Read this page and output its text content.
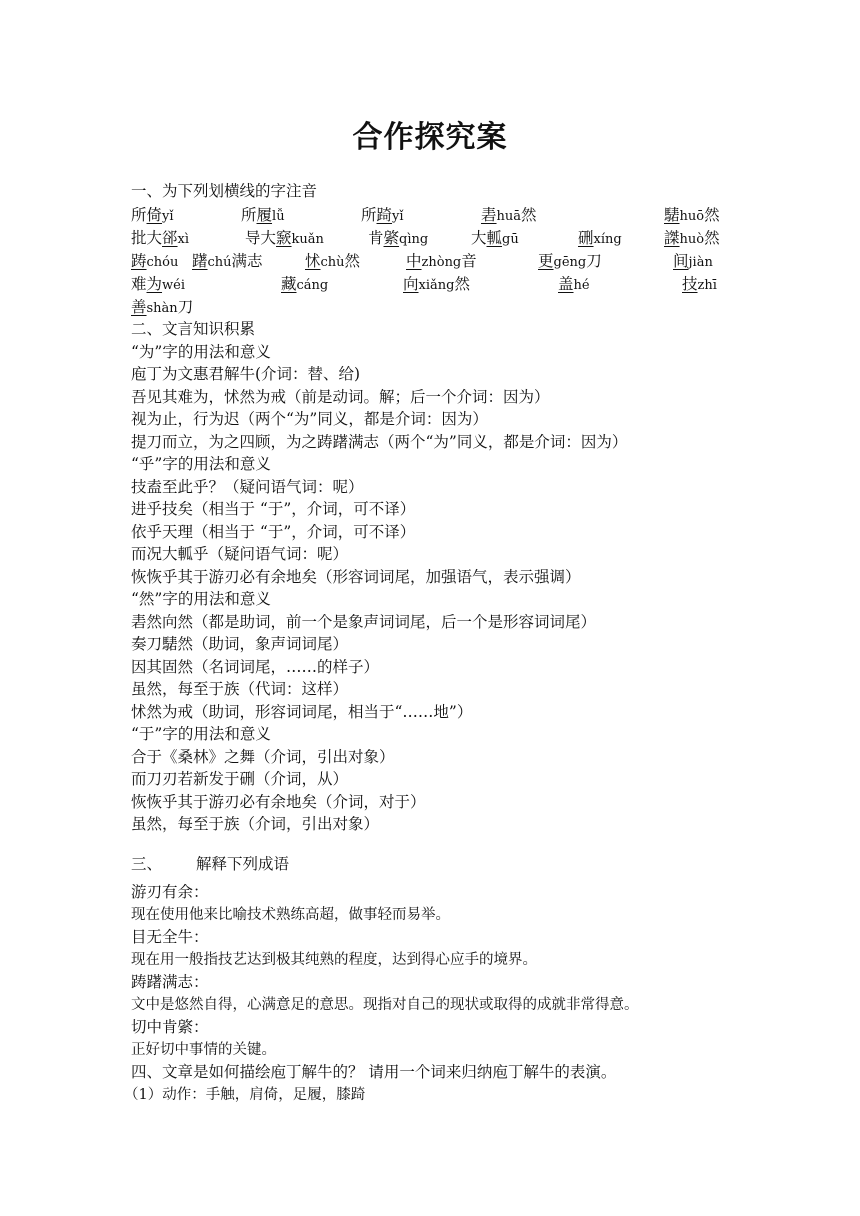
合作探究案
一、为下列划横线的字注音
所倚yǐ	所履lǚ	所踦yǐ	砉huā然	騞huō然
批大郤xì	导大窾kuǎn	肯綮qìng	大軱gū	硎xíng	謋huò然
踌chóu 躇chú满志	怵chù然	中zhòng音	更gēng刀	间jiàn
难为wéi	藏cáng	向xiǎng然	盖hé	技zhī
善shàn刀
二、文言知识积累
“为”字的用法和意义
庖丁为文惠君解牛(介词：替、给)
吾见其难为，怵然为戒（前是动词。解；后一个介词：因为）
视为止，行为迟（两个“为”同义，都是介词：因为）
提刀而立，为之四顾，为之踌躇满志（两个“为”同义，都是介词：因为）
“乎”字的用法和意义
技盍至此乎？（疑问语气词：呢）
进乎技矣（相当于 “于”，介词，可不译）
依乎天理（相当于 “于”，介词，可不译）
而况大軱乎（疑问语气词：呢）
恢恢乎其于游刃必有余地矣（形容词词尾，加强语气，表示强调）
“然”字的用法和意义
砉然向然（都是助词，前一个是象声词词尾，后一个是形容词词尾）
奏刀騞然（助词，象声词词尾）
因其固然（名词词尾，……的样子）
虽然，每至于族（代词：这样）
怵然为戒（助词，形容词词尾，相当于“……地”）
“于”字的用法和意义
合于《桑林》之舞（介词，引出对象）
而刀刃若新发于硎（介词，从）
恢恢乎其于游刃必有余地矣（介词，对于）
虽然，每至于族（介词，引出对象）
三、 解释下列成语
游刃有余：
现在使用他来比喻技术熟练高超，做事轻而易举。
目无全牛：
现在用一般指技艺达到极其纯熟的程度，达到得心应手的境界。
踌躇满志：
文中是悠然自得，心满意足的意思。现指对自己的现状或取得的成就非常得意。
切中肯綮：
正好切中事情的关键。
四、文章是如何描绘庖丁解牛的？ 请用一个词来归纳庖丁解牛的表演。
（1）动作：手触，肩倚，足履，膝踦
